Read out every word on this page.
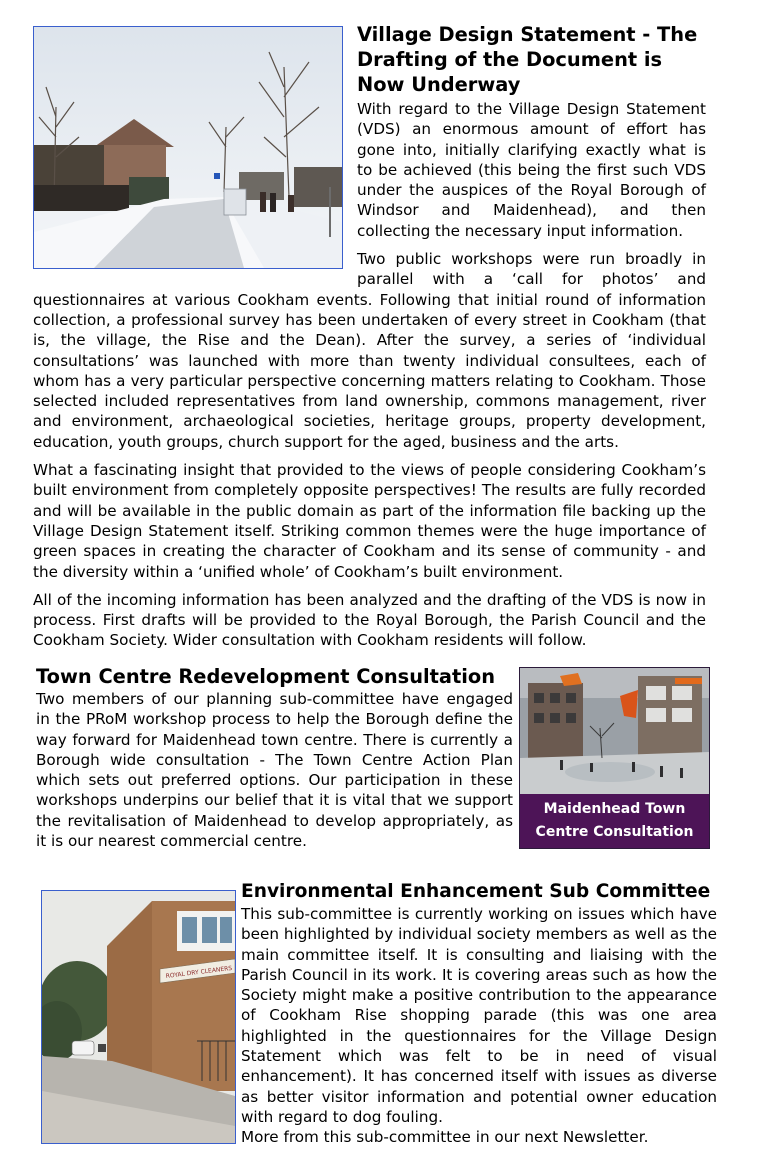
Village Design Statement - The Drafting of the Document is Now Underway

With regard to the Village Design Statement (VDS) an enormous amount of effort has gone into, initially clarifying exactly what is to be achieved (this being the first such VDS under the auspices of the Royal Borough of Windsor and Maidenhead), and then collecting the necessary input information.

Two public workshops were run broadly in parallel with a ‘call for photos’ and questionnaires at various Cookham events. Following that initial round of information collection, a professional survey has been undertaken of every street in Cookham (that is, the village, the Rise and the Dean). After the survey, a series of ‘individual consultations’ was launched with more than twenty individual consultees, each of whom has a very particular perspective concerning matters relating to Cookham. Those selected included representatives from land ownership, commons management, river and environment, archaeological societies, heritage groups, property development, education, youth groups, church support for the aged, business and the arts.

What a fascinating insight that provided to the views of people considering Cookham’s built environment from completely opposite perspectives! The results are fully recorded and will be available in the public domain as part of the information file backing up the Village Design Statement itself. Striking common themes were the huge importance of green spaces in creating the character of Cookham and its sense of community - and the diversity within a ‘unified whole’ of Cookham’s built environment.

All of the incoming information has been analyzed and the drafting of the VDS is now in process. First drafts will be provided to the Royal Borough, the Parish Council and the Cookham Society. Wider consultation with Cookham residents will follow.

Maidenhead Town
Centre Consultation
Town Centre Redevelopment Consultation

Two members of our planning sub-committee have engaged in the PRoM workshop process to help the Borough define the way forward for Maidenhead town centre. There is currently a Borough wide consultation - The Town Centre Action Plan which sets out preferred options. Our participation in these workshops underpins our belief that it is vital that we support the revitalisation of Maidenhead to develop appropriately, as it is our nearest commercial centre.

ROYAL DRY CLEANERS
Environmental Enhancement Sub Committee

This sub-committee is currently working on issues which have been highlighted by individual society members as well as the main committee itself. It is consulting and liaising with the Parish Council in its work. It is covering areas such as how the Society might make a positive contribution to the appearance of Cookham Rise shopping parade (this was one area highlighted in the questionnaires for the Village Design Statement which was felt to be in need of visual enhancement). It has concerned itself with issues as diverse as better visitor information and potential owner education with regard to dog fouling.

More from this sub-committee in our next Newsletter.
